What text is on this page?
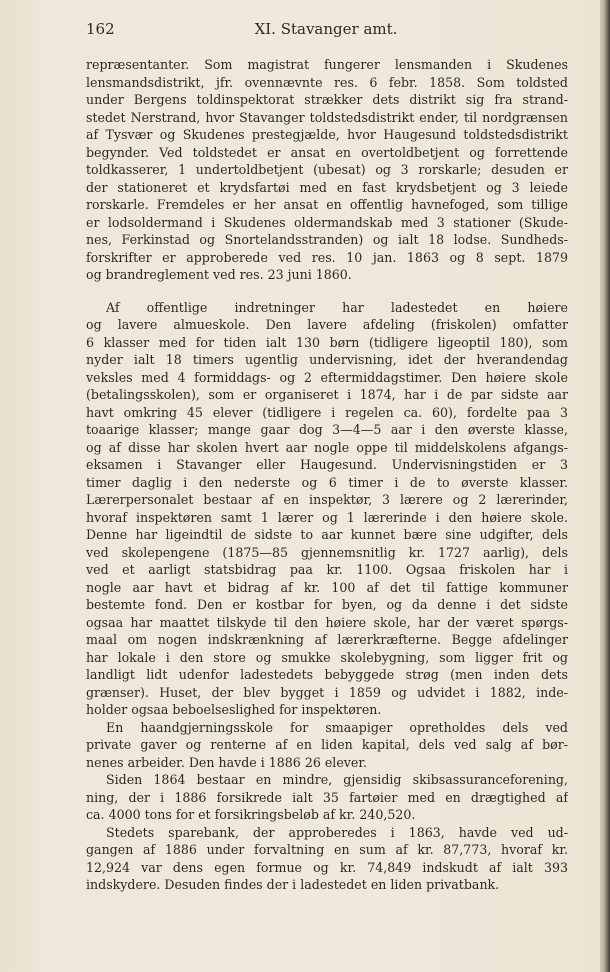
162	XI. Stavanger amt.
repræsentanter. Som magistrat fungerer lensmanden i Skudenes
lensmandsdistrikt, jfr. ovennævnte res. 6 febr. 1858. Som toldsted
under Bergens toldinspektorat strækker dets distrikt sig fra strand-
stedet Nerstrand, hvor Stavanger toldstedsdistrikt ender, til nordgrænsen
af Tysvær og Skudenes prestegjælde, hvor Haugesund toldstedsdistrikt
begynder. Ved toldstedet er ansat en overtoldbetjent og forrettende
toldkasserer, 1 undertoldbetjent (ubesat) og 3 rorskarle; desuden er
der stationeret et krydsfartøi med en fast krydsbetjent og 3 leiede
rorskarle. Fremdeles er her ansat en offentlig havnefoged, som tillige
er lodsoldermand i Skudenes oldermandskab med 3 stationer (Skude-
nes, Ferkinstad og Snortelandsstranden) og ialt 18 lodse. Sundheds-
forskrifter er approberede ved res. 10 jan. 1863 og 8 sept. 1879
og brandreglement ved res. 23 juni 1860.
Af offentlige indretninger har ladestedet en høiere
og lavere almueskole. Den lavere afdeling (friskolen) omfatter
6 klasser med for tiden ialt 130 børn (tidligere ligeoptil 180), som
nyder ialt 18 timers ugentlig undervisning, idet der hverandendag
veksles med 4 formiddags- og 2 eftermiddagstimer. Den høiere skole
(betalingsskolen), som er organiseret i 1874, har i de par sidste aar
havt omkring 45 elever (tidligere i regelen ca. 60), fordelte paa 3
toaarige klasser; mange gaar dog 3—4—5 aar i den øverste klasse,
og af disse har skolen hvert aar nogle oppe til middelskolens afgangs-
eksamen i Stavanger eller Haugesund. Undervisningstiden er 3
timer daglig i den nederste og 6 timer i de to øverste klasser.
Lærerpersonalet bestaar af en inspektør, 3 lærere og 2 lærerinder,
hvoraf inspektøren samt 1 lærer og 1 lærerinde i den høiere skole.
Denne har ligeindtil de sidste to aar kunnet bære sine udgifter, dels
ved skolepengene (1875—85 gjennemsnitlig kr. 1727 aarlig), dels
ved et aarligt statsbidrag paa kr. 1100. Ogsaa friskolen har i
nogle aar havt et bidrag af kr. 100 af det til fattige kommuner
bestemte fond. Den er kostbar for byen, og da denne i det sidste
ogsaa har maattet tilskyde til den høiere skole, har der været spørgs-
maal om nogen indskrænkning af lærerkræfterne. Begge afdelinger
har lokale i den store og smukke skolebygning, som ligger frit og
landligt lidt udenfor ladestedets bebyggede strøg (men inden dets
grænser). Huset, der blev bygget i 1859 og udvidet i 1882, inde-
holder ogsaa beboelseslighed for inspektøren.
En haandgjerningsskole for smaapiger opretholdes dels ved
private gaver og renterne af en liden kapital, dels ved salg af bør-
nenes arbeider. Den havde i 1886 26 elever.
Siden 1864 bestaar en mindre, gjensidig skibsassuranceforening,
ning, der i 1886 forsikrede ialt 35 fartøier med en drægtighed af
ca. 4000 tons for et forsikringsbeløb af kr. 240,520.
Stedets sparebank, der approberedes i 1863, havde ved ud-
gangen af 1886 under forvaltning en sum af kr. 87,773, hvoraf kr.
12,924 var dens egen formue og kr. 74,849 indskudt af ialt 393
indskydere. Desuden findes der i ladestedet en liden privatbank.
